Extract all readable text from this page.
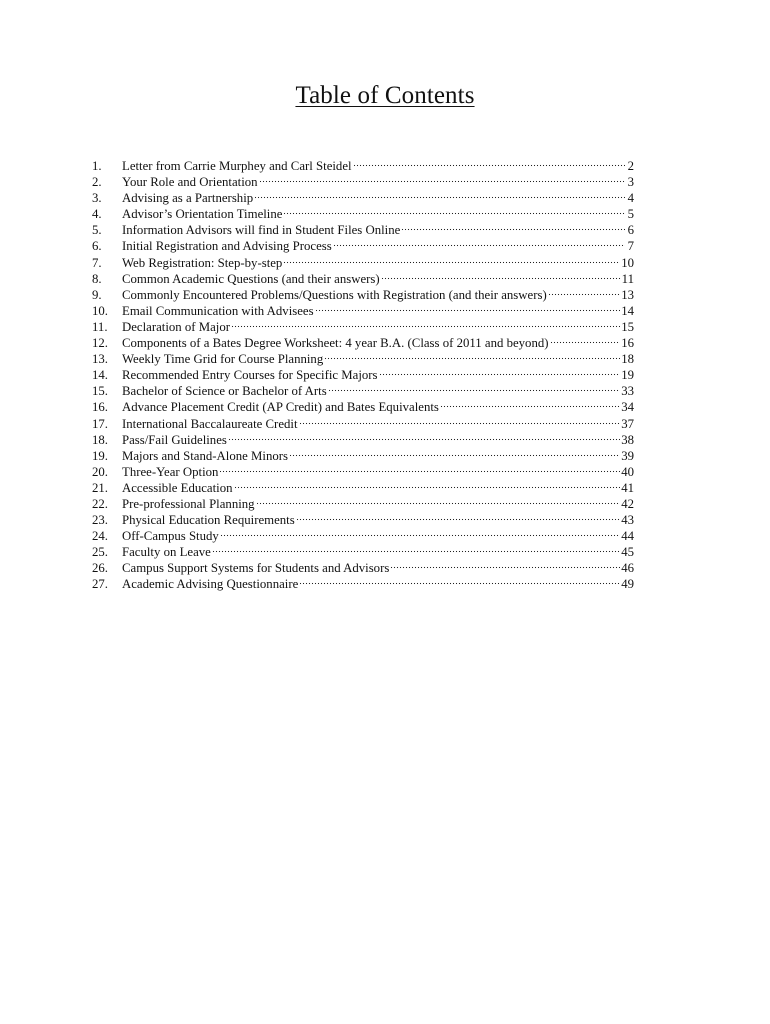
Table of Contents
1.	Letter from Carrie Murphey and Carl Steidel	2
2.	Your Role and Orientation	3
3.	Advising as a Partnership	4
4.	Advisor’s Orientation Timeline	5
5.	Information Advisors will find in Student Files Online	6
6.	Initial Registration and Advising Process	7
7.	Web Registration: Step-by-step	10
8.	Common Academic Questions (and their answers)	11
9.	Commonly Encountered Problems/Questions with Registration (and their answers)	13
10.	Email Communication with Advisees	14
11.	Declaration of Major	15
12.	Components of a Bates Degree Worksheet: 4 year B.A. (Class of 2011 and beyond)	16
13.	Weekly Time Grid for Course Planning	18
14.	Recommended Entry Courses for Specific Majors	19
15.	Bachelor of Science or Bachelor of Arts	33
16.	Advance Placement Credit (AP Credit) and Bates Equivalents	34
17.	International Baccalaureate Credit	37
18.	Pass/Fail Guidelines	38
19.	Majors and Stand-Alone Minors	39
20.	Three-Year Option	40
21.	Accessible Education	41
22.	Pre-professional Planning	42
23.	Physical Education Requirements	43
24.	Off-Campus Study	44
25.	Faculty on Leave	45
26.	Campus Support Systems for Students and Advisors	46
27.	Academic Advising Questionnaire	49
